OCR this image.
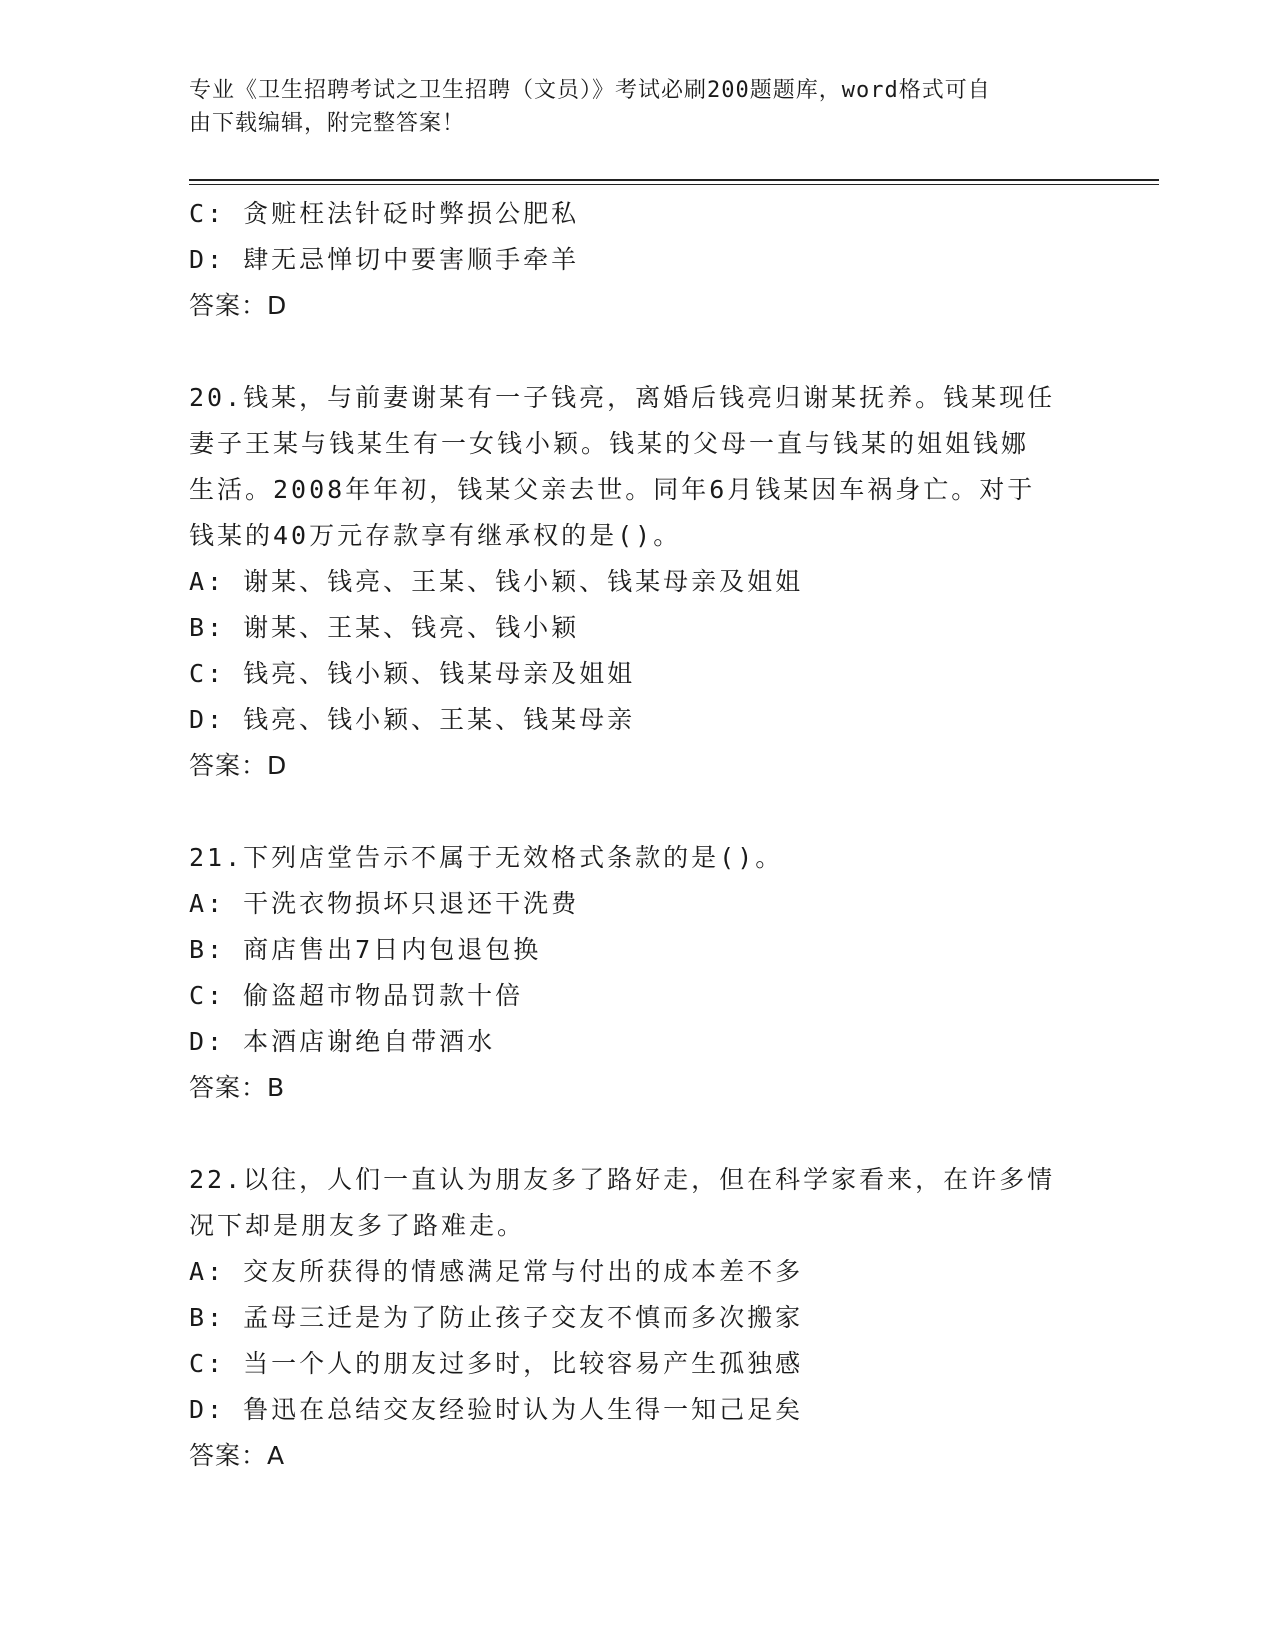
专业《卫生招聘考试之卫生招聘（文员）》考试必刷200题题库，word格式可自
由下载编辑，附完整答案！
C: 贪赃枉法针砭时弊损公肥私
D: 肆无忌惮切中要害顺手牵羊
答案：D
20.钱某，与前妻谢某有一子钱亮，离婚后钱亮归谢某抚养。钱某现任
妻子王某与钱某生有一女钱小颖。钱某的父母一直与钱某的姐姐钱娜
生活。2008年年初，钱某父亲去世。同年6月钱某因车祸身亡。对于
钱某的40万元存款享有继承权的是()。
A: 谢某、钱亮、王某、钱小颖、钱某母亲及姐姐
B: 谢某、王某、钱亮、钱小颖
C: 钱亮、钱小颖、钱某母亲及姐姐
D: 钱亮、钱小颖、王某、钱某母亲
答案：D
21.下列店堂告示不属于无效格式条款的是()。
A: 干洗衣物损坏只退还干洗费
B: 商店售出7日内包退包换
C: 偷盗超市物品罚款十倍
D: 本酒店谢绝自带酒水
答案：B
22.以往，人们一直认为朋友多了路好走，但在科学家看来，在许多情
况下却是朋友多了路难走。
A: 交友所获得的情感满足常与付出的成本差不多
B: 孟母三迁是为了防止孩子交友不慎而多次搬家
C: 当一个人的朋友过多时，比较容易产生孤独感
D: 鲁迅在总结交友经验时认为人生得一知己足矣
答案：A
